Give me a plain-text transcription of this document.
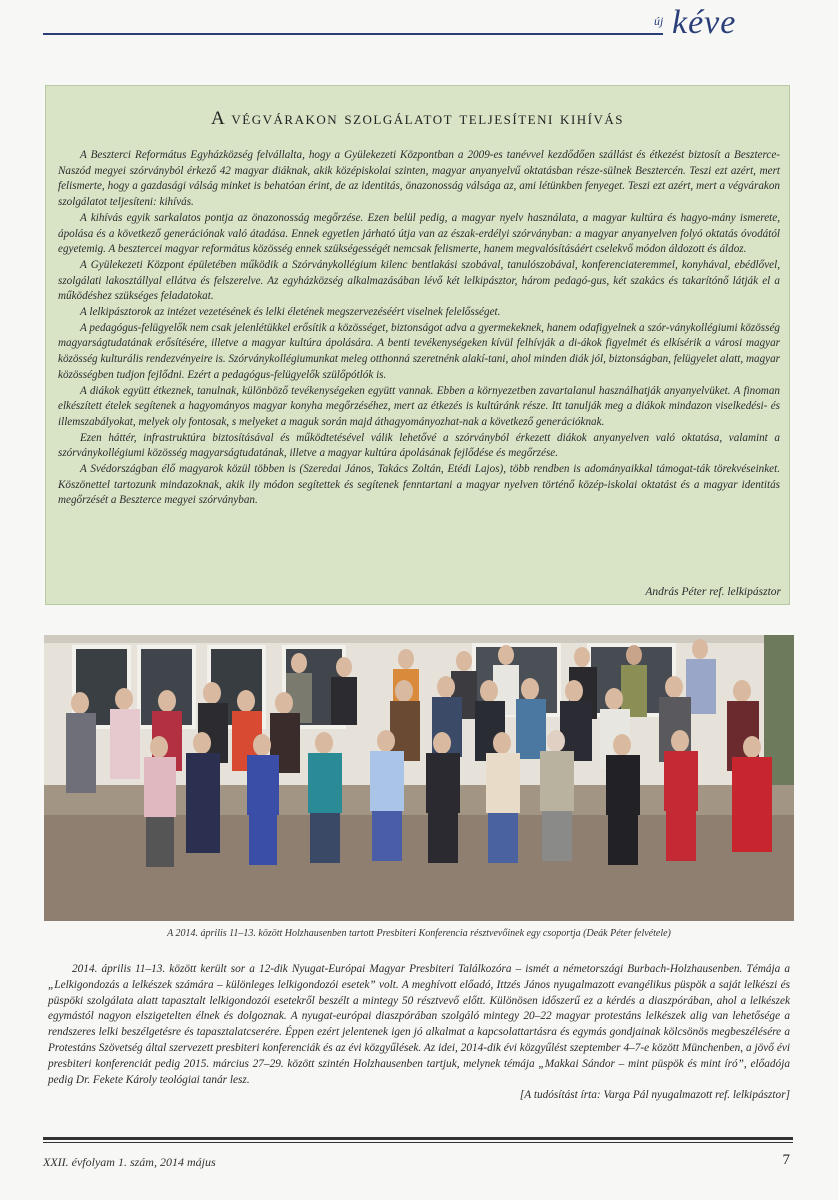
új kéve
A végvárakon szolgálatot teljesíteni kihívás

A Beszterci Református Egyházközség felvállalta, hogy a Gyülekezeti Központban a 2009-es tanévvel kezdődően szállást és étkezést biztosít a Beszterce-Naszód megyei szórványból érkező 42 magyar diáknak, akik középiskolai szinten, magyar anyanyelvű oktatásban része-sülnek Besztercén. Teszi ezt azért, mert felismerte, hogy a gazdasági válság minket is behatóan érint, de az identitás, önazonosság válsága az, ami létünkben fenyeget. Teszi ezt azért, mert a végvárakon szolgálatot teljesíteni: kihívás.

A kihívás egyik sarkalatos pontja az önazonosság megőrzése. Ezen belül pedig, a magyar nyelv használata, a magyar kultúra és hagyo-mány ismerete, ápolása és a következő generációnak való átadása. Ennek egyetlen járható útja van az észak-erdélyi szórványban: a magyar anyanyelven folyó oktatás óvodától egyetemig. A besztercei magyar református közösség ennek szükségességét nemcsak felismerte, hanem megvalósításáért cselekvő módon áldozott és áldoz.

A Gyülekezeti Központ épületében működik a Szórványkollégium kilenc bentlakási szobával, tanulószobával, konferenciateremmel, konyhával, ebédlővel, szolgálati lakosztállyal ellátva és felszerelve. Az egyházközség alkalmazásában lévő két lelkipásztor, három pedagó-gus, két szakács és takarítónő látják el a működéshez szükséges feladatokat.

A lelkipásztorok az intézet vezetésének és lelki életének megszervezéséért viselnek felelősséget.

A pedagógus-felügyelők nem csak jelenlétükkel erősítik a közösséget, biztonságot adva a gyermekeknek, hanem odafigyelnek a szór-ványkollégiumi közösség magyarságtudatának erősítésére, illetve a magyar kultúra ápolására. A benti tevékenységeken kívül felhívják a di-ákok figyelmét és elkísérik a városi magyar közösség kulturális rendezvényeire is. Szórványkollégiumunkat meleg otthonná szeretnénk alakí-tani, ahol minden diák jól, biztonságban, felügyelet alatt, magyar közösségben tudjon fejlődni. Ezért a pedagógus-felügyelők szülőpótlók is.

A diákok együtt étkeznek, tanulnak, különböző tevékenységeken együtt vannak. Ebben a környezetben zavartalanul használhatják anyanyelvüket. A finoman elkészített ételek segítenek a hagyományos magyar konyha megőrzéséhez, mert az étkezés is kultúránk része. Itt tanulják meg a diákok mindazon viselkedési- és illemszabályokat, melyek oly fontosak, s melyeket a maguk során majd áthagyományozhat-nak a következő generációknak.

Ezen háttér, infrastruktúra biztosításával és működtetésével válik lehetővé a szórványból érkezett diákok anyanyelven való oktatása, valamint a szórványkollégiumi közösség magyarságtudatának, illetve a magyar kultúra ápolásának fejlődése és megőrzése.

A Svédországban élő magyarok közül többen is (Szeredai János, Takács Zoltán, Etédi Lajos), több rendben is adományaikkal támogat-ták törekvéseinket. Köszönettel tartozunk mindazoknak, akik ily módon segítettek és segítenek fenntartani a magyar nyelven történő közép-iskolai oktatást és a magyar identitás megőrzését a Beszterce megyei szórványban.

András Péter ref. lelkipásztor
A 2014. április 11–13. között Holzhausenben tartott Presbiteri Konferencia résztvevőinek egy csoportja (Deák Péter felvétele)

2014. április 11–13. között került sor a 12-dik Nyugat-Európai Magyar Presbiteri Találkozóra – ismét a németországi Burbach-Holzhausenben. Témája a „Lelkigondozás a lelkészek számára – különleges lelkigondozói esetek” volt. A meghívott előadó, Ittzés János nyugalmazott evangélikus püspök a saját lelkészi és püspöki szolgálata alatt tapasztalt lelkigondozói esetekről beszélt a mintegy 50 résztvevő előtt. Különösen időszerű ez a kérdés a diaszpórában, ahol a lelkészek egymástól nagyon elszigetelten élnek és dolgoznak. A nyugat-európai diaszpórában szolgáló mintegy 20–22 magyar protestáns lelkészek alig van lehetősége a rendszeres lelki beszélgetésre és tapasztalatcserére. Éppen ezért jelentenek igen jó alkalmat a kapcsolattartásra és egymás gondjainak kölcsönös megbeszélésére a Protestáns Szövetség által szervezett presbiteri konferenciák és az évi közgyűlések. Az idei, 2014-dik évi közgyűlést szeptember 4–7-e között Münchenben, a jövő évi presbiteri konferenciát pedig 2015. március 27–29. között szintén Holzhausenben tartjuk, melynek témája „Makkai Sándor – mint püspök és mint író”, előadója pedig Dr. Fekete Károly teológiai tanár lesz.

[A tudósítást írta: Varga Pál nyugalmazott ref. lelkipásztor]
XXII. évfolyam 1. szám, 2014 május	7
